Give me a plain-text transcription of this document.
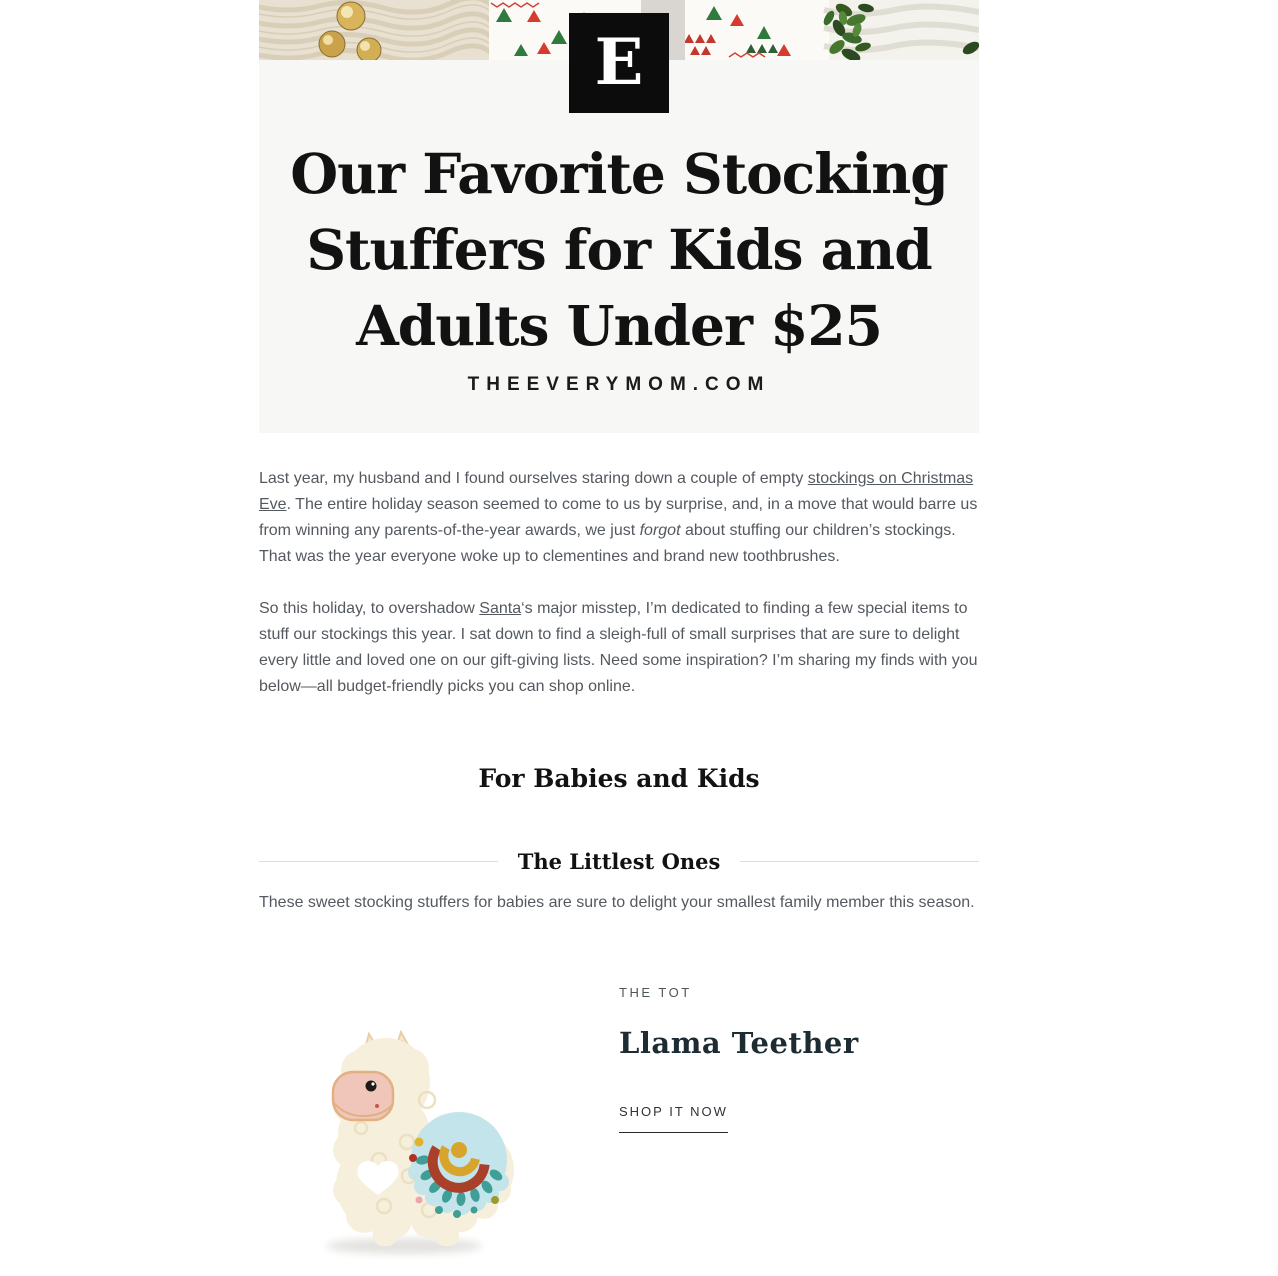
Our Favorite Stocking
Stuffers for Kids and
Adults Under $25
THEEVERYMOM.COM
E

Last year, my husband and I found ourselves staring down a couple of empty stockings on Christmas Eve. The entire holiday season seemed to come to us by surprise, and, in a move that would barre us from winning any parents-of-the-year awards, we just forgot about stuffing our children’s stockings. That was the year everyone woke up to clementines and brand new toothbrushes.

So this holiday, to overshadow Santa‘s major misstep, I’m dedicated to finding a few special items to stuff our stockings this year. I sat down to find a sleigh-full of small surprises that are sure to delight every little and loved one on our gift-giving lists. Need some inspiration? I’m sharing my finds with you below—all budget-friendly picks you can shop online.

For Babies and Kids
The Littlest Ones
These sweet stocking stuffers for babies are sure to delight your smallest family member this season.
THE TOT
Llama Teether
SHOP IT NOW
